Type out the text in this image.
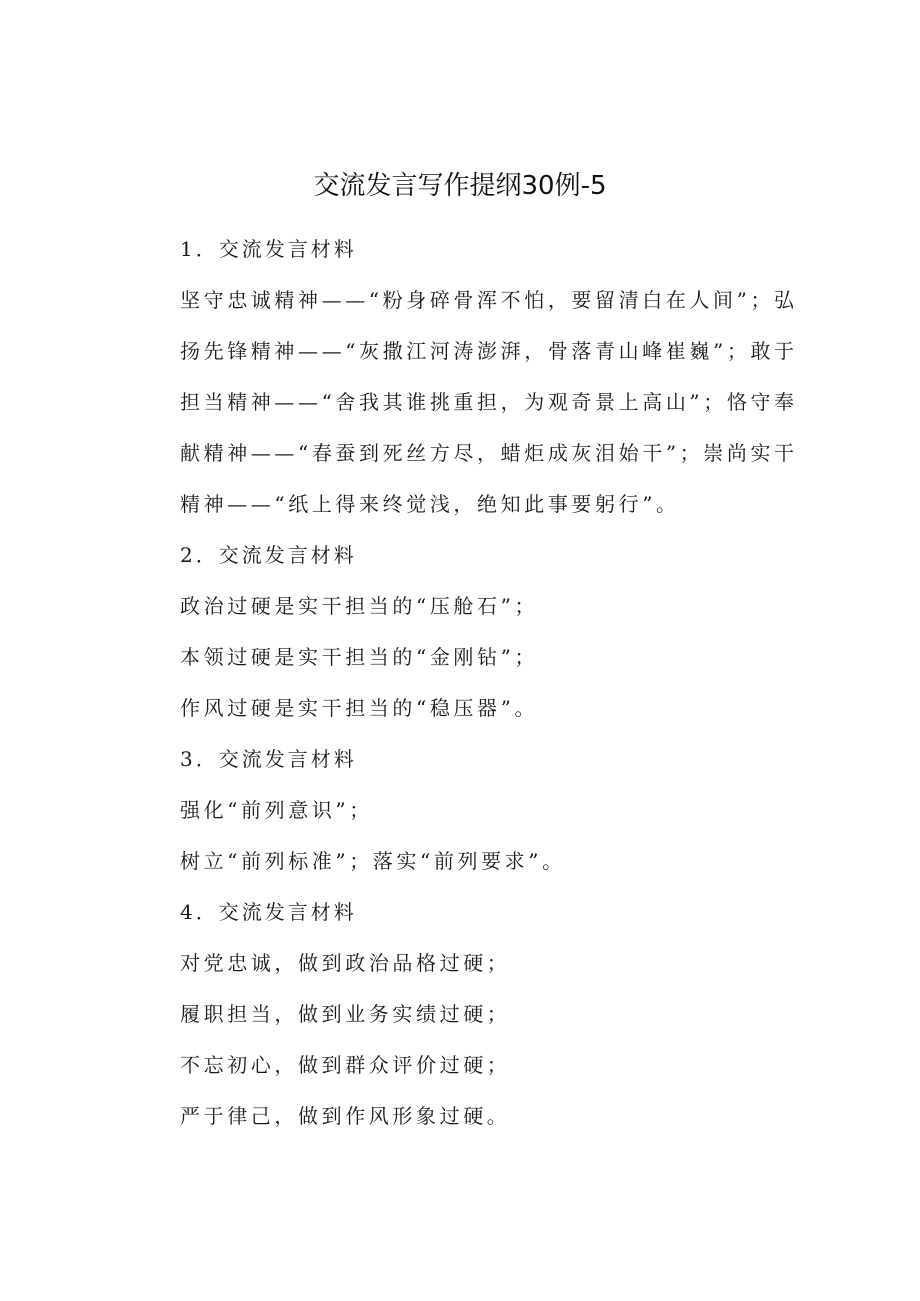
交流发言写作提纲30例-5

1．交流发言材料

坚守忠诚精神——“粉身碎骨浑不怕，要留清白在人间”；弘

扬先锋精神——“灰撒江河涛澎湃，骨落青山峰崔巍”；敢于

担当精神——“舍我其谁挑重担，为观奇景上高山”；恪守奉

献精神——“春蚕到死丝方尽，蜡炬成灰泪始干”；崇尚实干

精神——“纸上得来终觉浅，绝知此事要躬行”。

2．交流发言材料

政治过硬是实干担当的“压舱石”；

本领过硬是实干担当的“金刚钻”；

作风过硬是实干担当的“稳压器”。

3．交流发言材料

强化“前列意识”；

树立“前列标准”；落实“前列要求”。

4．交流发言材料

对党忠诚，做到政治品格过硬；

履职担当，做到业务实绩过硬；

不忘初心，做到群众评价过硬；

严于律己，做到作风形象过硬。
